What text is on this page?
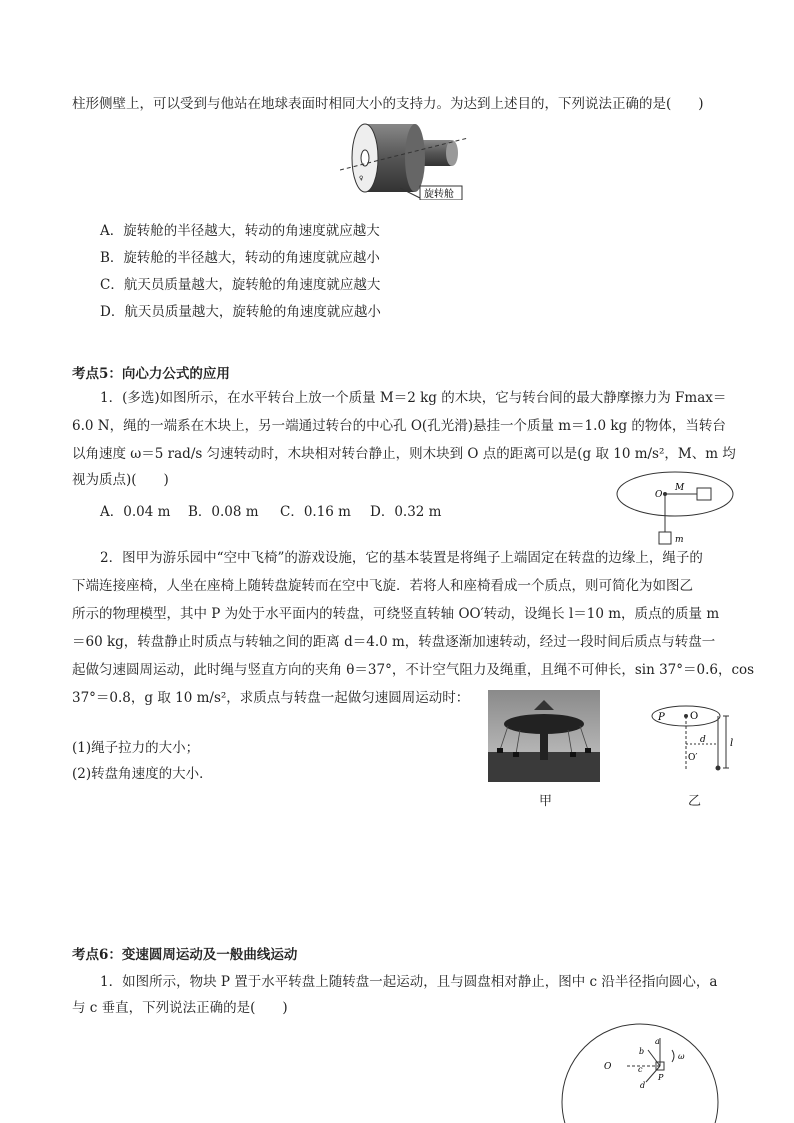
柱形侧壁上，可以受到与他站在地球表面时相同大小的支持力。为达到上述目的，下列说法正确的是(　　)
♀
旋转舱
A．旋转舱的半径越大，转动的角速度就应越大
B．旋转舱的半径越大，转动的角速度就应越小
C．航天员质量越大，旋转舱的角速度就应越大
D．航天员质量越大，旋转舱的角速度就应越小
考点5：向心力公式的应用
1．(多选)如图所示，在水平转台上放一个质量 M＝2 kg 的木块，它与转台间的最大静摩擦力为 Fmax＝
6.0 N，绳的一端系在木块上，另一端通过转台的中心孔 O(孔光滑)悬挂一个质量 m＝1.0 kg 的物体，当转台
以角速度 ω＝5 rad/s 匀速转动时，木块相对转台静止，则木块到 O 点的距离可以是(g 取 10 m/s²，M、m 均
视为质点)(　　)
A．0.04 m B．0.08 m C．0.16 m D．0.32 m
O
M
m
2．图甲为游乐园中“空中飞椅”的游戏设施，它的基本装置是将绳子上端固定在转盘的边缘上，绳子的
下端连接座椅，人坐在座椅上随转盘旋转而在空中飞旋．若将人和座椅看成一个质点，则可简化为如图乙
所示的物理模型，其中 P 为处于水平面内的转盘，可绕竖直转轴 OO′转动，设绳长 l＝10 m，质点的质量 m
＝60 kg，转盘静止时质点与转轴之间的距离 d＝4.0 m，转盘逐渐加速转动，经过一段时间后质点与转盘一
起做匀速圆周运动，此时绳与竖直方向的夹角 θ＝37°，不计空气阻力及绳重，且绳不可伸长，sin 37°＝0.6，cos
37°＝0.8，g 取 10 m/s²，求质点与转盘一起做匀速圆周运动时：
(1)绳子拉力的大小；
(2)转盘角速度的大小．
甲
P	O
d
O′
l
乙
考点6：变速圆周运动及一般曲线运动
1．如图所示，物块 P 置于水平转盘上随转盘一起运动，且与圆盘相对静止，图中 c 沿半径指向圆心，a
与 c 垂直，下列说法正确的是(　　)
O
a
b
c
d
P
ω
